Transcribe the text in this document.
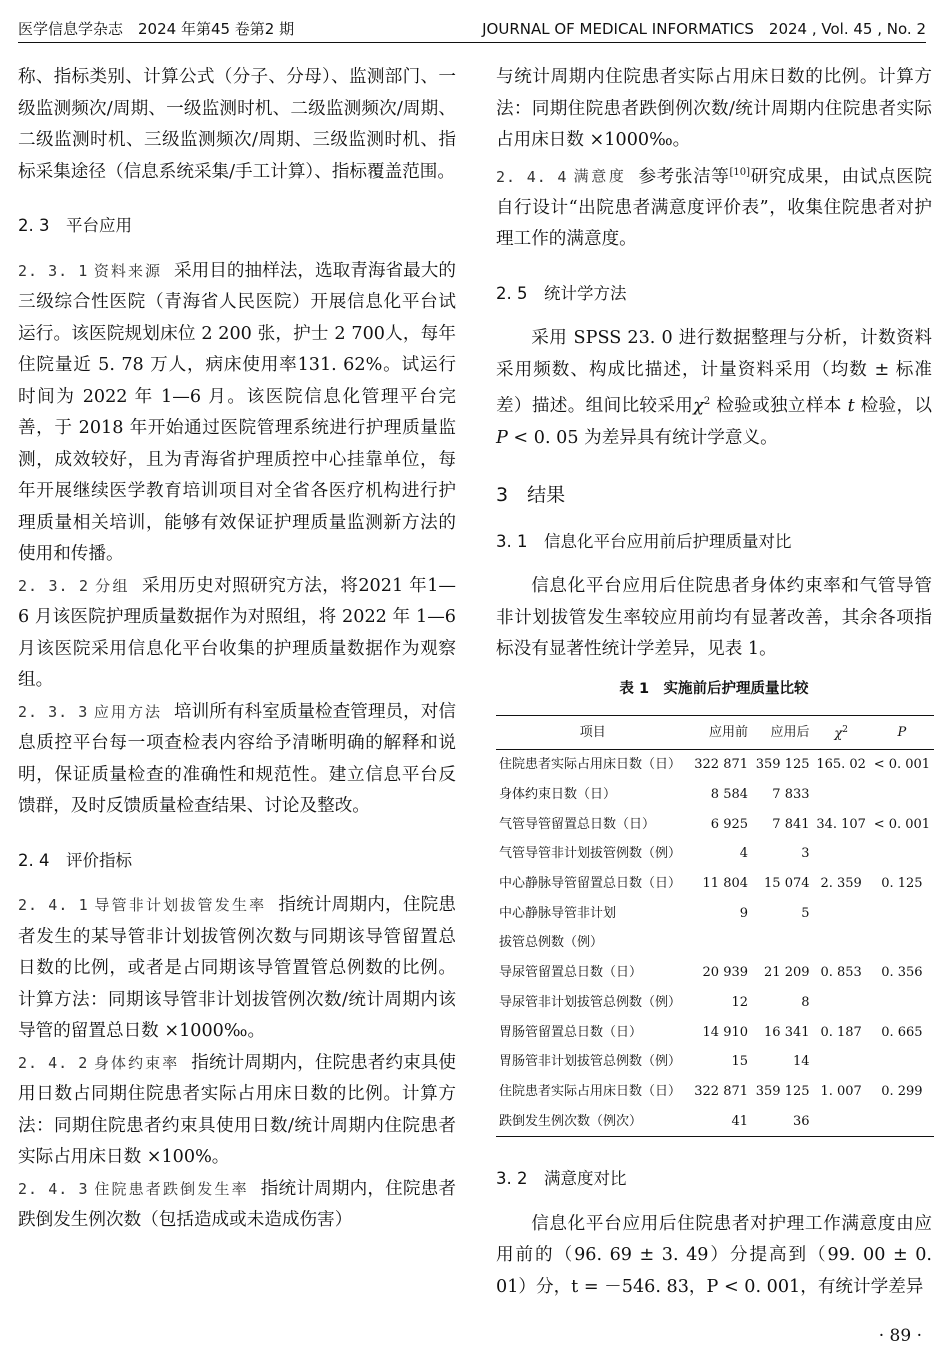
医学信息学杂志　2024 年第45 卷第2 期	JOURNAL OF MEDICAL INFORMATICS　2024 , Vol. 45 , No. 2

称、指标类别、计算公式（分子、分母）、监测部门、一级监测频次/周期、一级监测时机、二级监测频次/周期、二级监测时机、三级监测频次/周期、三级监测时机、指标采集途径（信息系统采集/手工计算）、指标覆盖范围。

2. 3　平台应用

2. 3. 1 资料来源 采用目的抽样法，选取青海省最大的三级综合性医院（青海省人民医院）开展信息化平台试运行。该医院规划床位 2 200 张，护士 2 700人，每年住院量近 5. 78 万人，病床使用率131. 62%。试运行时间为 2022 年 1—6 月。该医院信息化管理平台完善，于 2018 年开始通过医院管理系统进行护理质量监测，成效较好，且为青海省护理质控中心挂靠单位，每年开展继续医学教育培训项目对全省各医疗机构进行护理质量相关培训，能够有效保证护理质量监测新方法的使用和传播。

2. 3. 2 分组 采用历史对照研究方法，将2021 年1—6 月该医院护理质量数据作为对照组，将 2022 年 1—6 月该医院采用信息化平台收集的护理质量数据作为观察组。

2. 3. 3 应用方法 培训所有科室质量检查管理员，对信息质控平台每一项查检表内容给予清晰明确的解释和说明，保证质量检查的准确性和规范性。建立信息平台反馈群，及时反馈质量检查结果、讨论及整改。

2. 4　评价指标

2. 4. 1 导管非计划拔管发生率 指统计周期内，住院患者发生的某导管非计划拔管例次数与同期该导管留置总日数的比例，或者是占同期该导管置管总例数的比例。计算方法：同期该导管非计划拔管例次数/统计周期内该导管的留置总日数 ×1000‰。

2. 4. 2 身体约束率 指统计周期内，住院患者约束具使用日数占同期住院患者实际占用床日数的比例。计算方法：同期住院患者约束具使用日数/统计周期内住院患者实际占用床日数 ×100%。

2. 4. 3 住院患者跌倒发生率 指统计周期内，住院患者跌倒发生例次数（包括造成或未造成伤害）

与统计周期内住院患者实际占用床日数的比例。计算方法：同期住院患者跌倒例次数/统计周期内住院患者实际占用床日数 ×1000‰。

2. 4. 4 满意度 参考张洁等[10]研究成果，由试点医院自行设计“出院患者满意度评价表”，收集住院患者对护理工作的满意度。

2. 5　统计学方法

采用 SPSS 23. 0 进行数据整理与分析，计数资料采用频数、构成比描述，计量资料采用（均数 ± 标准差）描述。组间比较采用$\chi^2$ 检验或独立样本 t 检验，以 P < 0. 05 为差异具有统计学意义。

3　结果
3. 1　信息化平台应用前后护理质量对比

信息化平台应用后住院患者身体约束率和气管导管非计划拔管发生率较应用前均有显著改善，其余各项指标没有显著性统计学差异，见表 1。

表 1　实施前后护理质量比较
项目	应用前	应用后	$\chi^2$	P
住院患者实际占用床日数（日）	322 871	359 125	165. 02	< 0. 001
身体约束日数（日）	8 584	7 833		
气管导管留置总日数（日）	6 925	7 841	34. 107	< 0. 001
气管导管非计划拔管例数（例）	4	3		
中心静脉导管留置总日数（日）	11 804	15 074	2. 359	0. 125
中心静脉导管非计划
拔管总例数（例）	9	5		
导尿管留置总日数（日）	20 939	21 209	0. 853	0. 356
导尿管非计划拔管总例数（例）	12	8		
胃肠管留置总日数（日）	14 910	16 341	0. 187	0. 665
胃肠管非计划拔管总例数（例）	15	14		
住院患者实际占用床日数（日）	322 871	359 125	1. 007	0. 299
跌倒发生例次数（例次）	41	36		
3. 2　满意度对比

信息化平台应用后住院患者对护理工作满意度由应用前的（96. 69 ± 3. 49）分提高到（99. 00 ± 0. 01）分，t = －546. 83，P < 0. 001，有统计学差异

· 89 ·
